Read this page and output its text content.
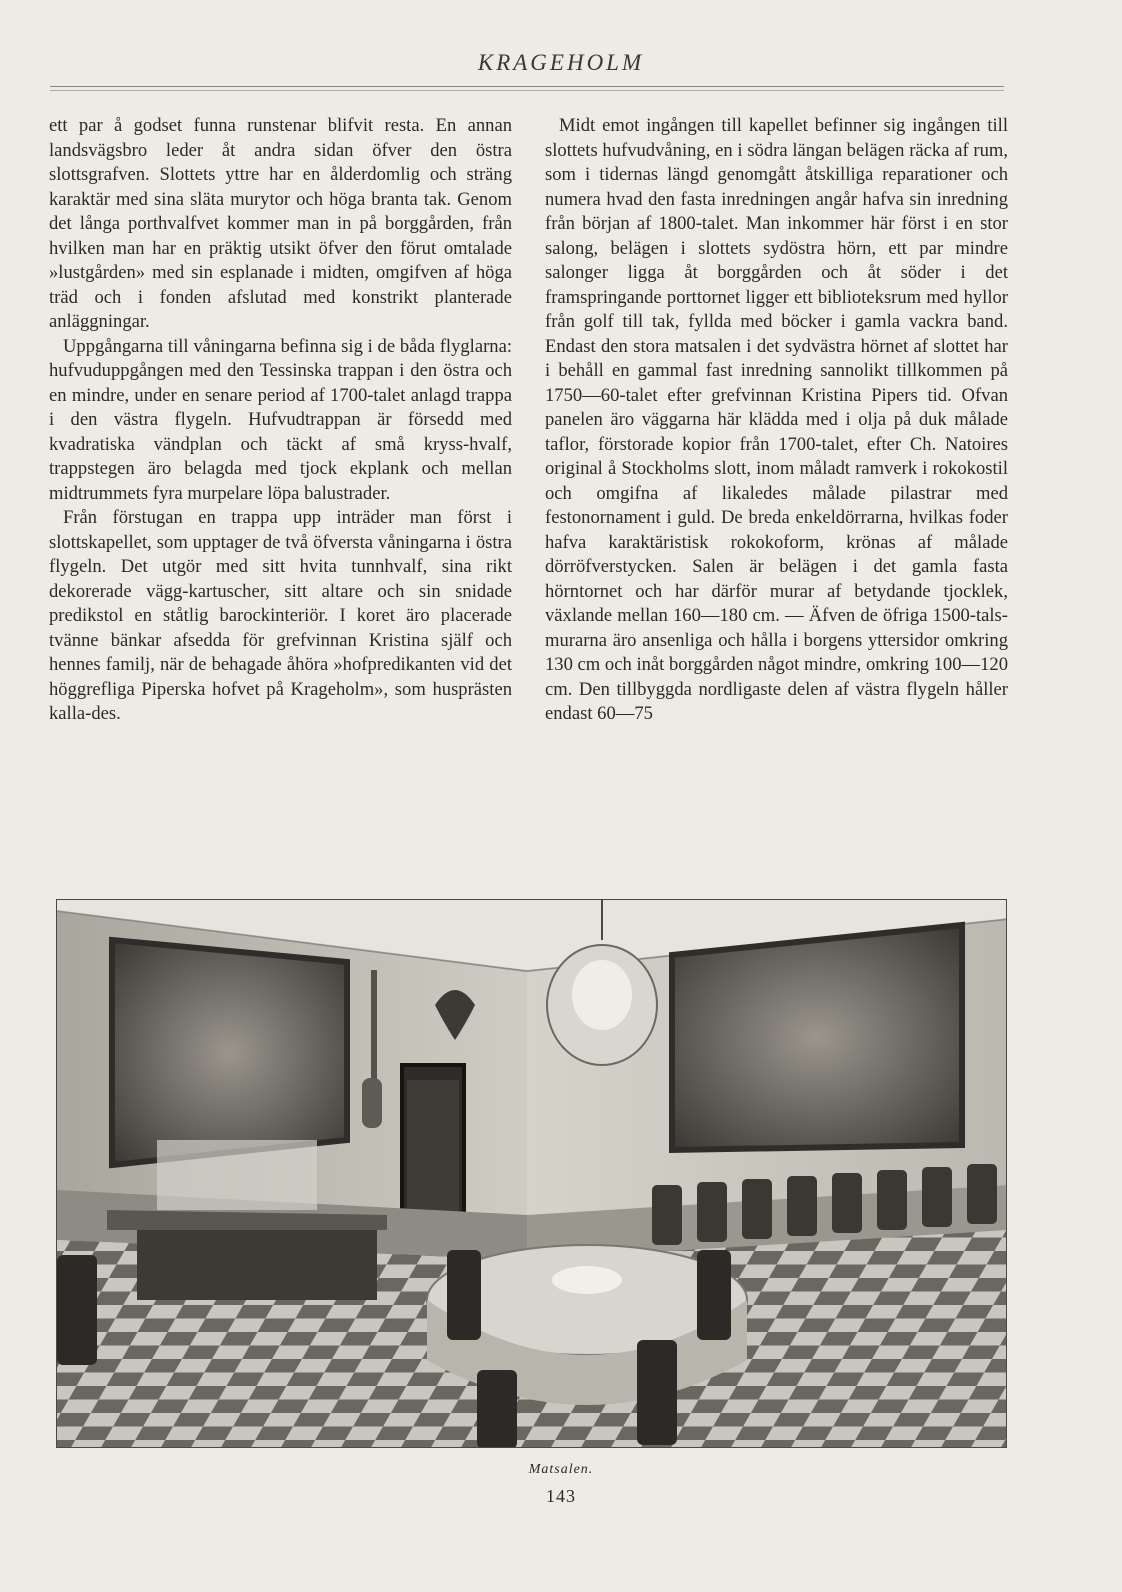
KRAGEHOLM

ett par å godset funna runstenar blifvit resta. En annan landsvägsbro leder åt andra sidan öfver den östra slottsgrafven. Slottets yttre har en ålderdomlig och sträng karaktär med sina släta murytor och höga branta tak. Genom det långa porthvalfvet kommer man in på borggården, från hvilken man har en präktig utsikt öfver den förut omtalade »lustgården» med sin esplanade i midten, omgifven af höga träd och i fonden afslutad med konstrikt planterade anläggningar.

Uppgångarna till våningarna befinna sig i de båda flyglarna: hufvuduppgången med den Tessinska trappan i den östra och en mindre, under en senare period af 1700-talet anlagd trappa i den västra flygeln. Hufvudtrappan är försedd med kvadratiska vändplan och täckt af små kryss-hvalf, trappstegen äro belagda med tjock ekplank och mellan midtrummets fyra murpelare löpa balustrader.

Från förstugan en trappa upp inträder man först i slottskapellet, som upptager de två öfversta våningarna i östra flygeln. Det utgör med sitt hvita tunnhvalf, sina rikt dekorerade vägg-kartuscher, sitt altare och sin snidade predikstol en ståtlig barockinteriör. I koret äro placerade tvänne bänkar afsedda för grefvinnan Kristina själf och hennes familj, när de behagade åhöra »hofpredikanten vid det höggrefliga Piperska hofvet på Krageholm», som husprästen kalla-des.

Midt emot ingången till kapellet befinner sig ingången till slottets hufvudvåning, en i södra längan belägen räcka af rum, som i tidernas längd genomgått åtskilliga reparationer och numera hvad den fasta inredningen angår hafva sin inredning från början af 1800-talet. Man inkommer här först i en stor salong, belägen i slottets sydöstra hörn, ett par mindre salonger ligga åt borggården och åt söder i det framspringande porttornet ligger ett biblioteksrum med hyllor från golf till tak, fyllda med böcker i gamla vackra band. Endast den stora matsalen i det sydvästra hörnet af slottet har i behåll en gammal fast inredning sannolikt tillkommen på 1750—60-talet efter grefvinnan Kristina Pipers tid. Ofvan panelen äro väggarna här klädda med i olja på duk målade taflor, förstorade kopior från 1700-talet, efter Ch. Natoires original å Stockholms slott, inom måladt ramverk i rokokostil och omgifna af likaledes målade pilastrar med festonornament i guld. De breda enkeldörrarna, hvilkas foder hafva karaktäristisk rokokoform, krönas af målade dörröfverstycken. Salen är belägen i det gamla fasta hörntornet och har därför murar af betydande tjocklek, växlande mellan 160—180 cm. — Äfven de öfriga 1500-tals-murarna äro ansenliga och hålla i borgens yttersidor omkring 130 cm och inåt borggården något mindre, omkring 100—120 cm. Den tillbyggda nordligaste delen af västra flygeln håller endast 60—75

Matsalen.
143
